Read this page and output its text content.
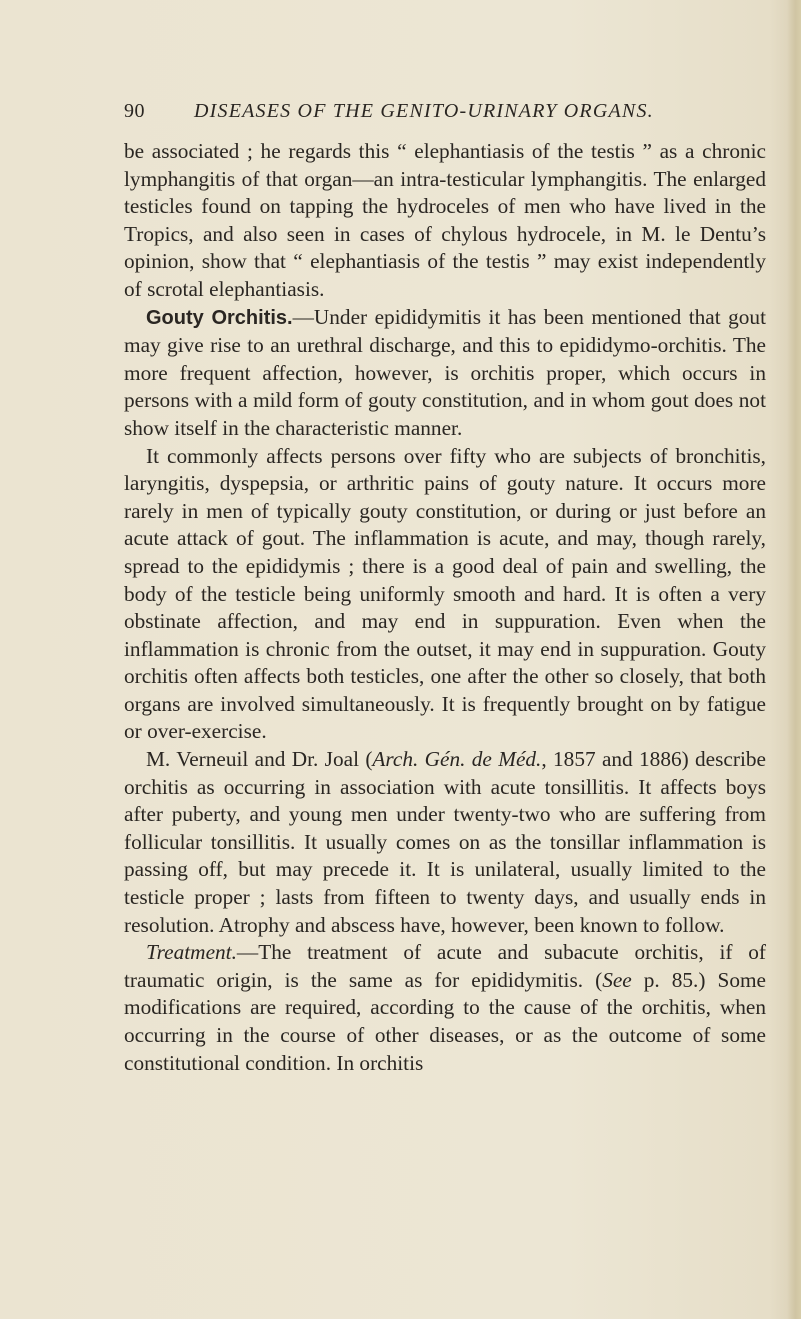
90 DISEASES OF THE GENITO-URINARY ORGANS.

be associated ; he regards this “ elephantiasis of the testis ” as a chronic lymphangitis of that organ—an intra-testicular lymphangitis. The enlarged testicles found on tapping the hydroceles of men who have lived in the Tropics, and also seen in cases of chylous hydrocele, in M. le Dentu’s opinion, show that “ elephantiasis of the testis ” may exist independently of scrotal elephantiasis.

Gouty Orchitis.—Under epididymitis it has been mentioned that gout may give rise to an urethral discharge, and this to epididymo-orchitis. The more frequent affection, however, is orchitis proper, which occurs in persons with a mild form of gouty constitution, and in whom gout does not show itself in the characteristic manner.

It commonly affects persons over fifty who are subjects of bronchitis, laryngitis, dyspepsia, or arthritic pains of gouty nature. It occurs more rarely in men of typically gouty constitution, or during or just before an acute attack of gout. The inflammation is acute, and may, though rarely, spread to the epididymis ; there is a good deal of pain and swelling, the body of the testicle being uniformly smooth and hard. It is often a very obstinate affection, and may end in suppuration. Even when the inflammation is chronic from the outset, it may end in suppuration. Gouty orchitis often affects both testicles, one after the other so closely, that both organs are involved simultaneously. It is frequently brought on by fatigue or over-exercise.

M. Verneuil and Dr. Joal (Arch. Gén. de Méd., 1857 and 1886) describe orchitis as occurring in association with acute tonsillitis. It affects boys after puberty, and young men under twenty-two who are suffering from follicular tonsillitis. It usually comes on as the tonsillar inflammation is passing off, but may precede it. It is unilateral, usually limited to the testicle proper ; lasts from fifteen to twenty days, and usually ends in resolution. Atrophy and abscess have, however, been known to follow.

Treatment.—The treatment of acute and subacute orchitis, if of traumatic origin, is the same as for epididymitis. (See p. 85.) Some modifications are required, according to the cause of the orchitis, when occurring in the course of other diseases, or as the outcome of some constitutional condition. In orchitis
